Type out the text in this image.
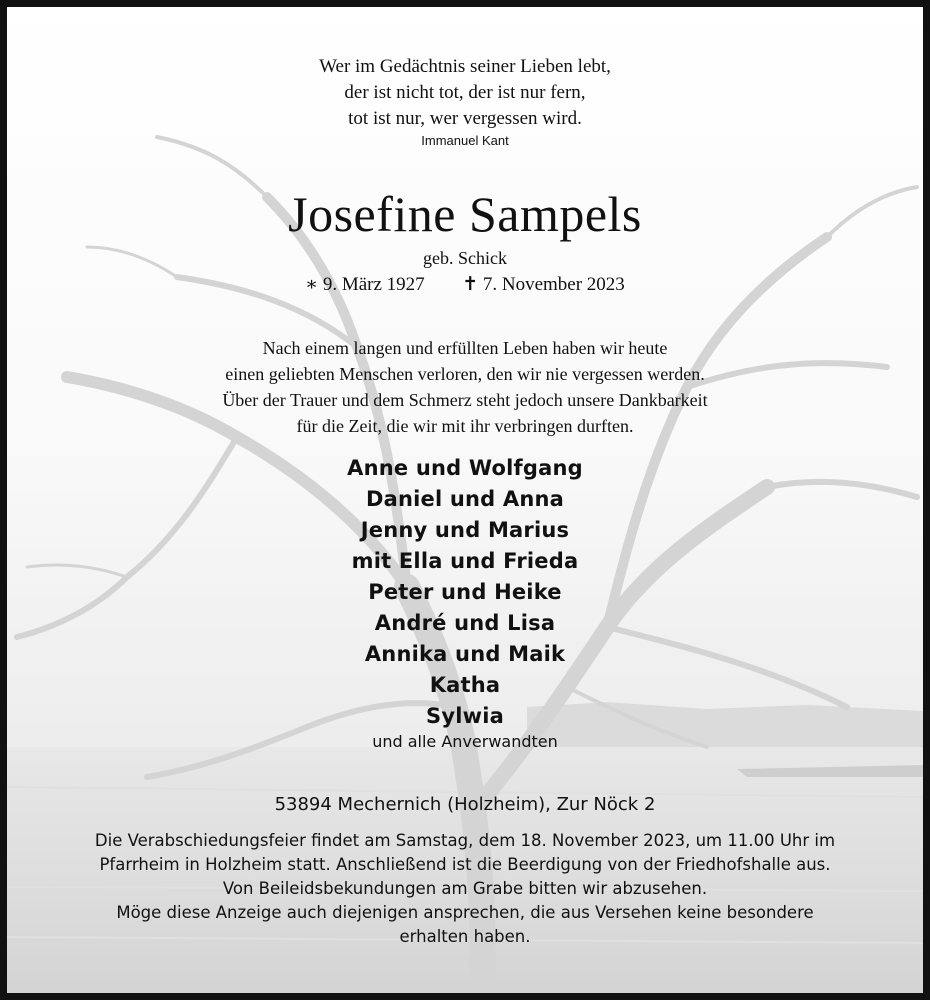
Wer im Gedächtnis seiner Lieben lebt,
der ist nicht tot, der ist nur fern,
tot ist nur, wer vergessen wird.
Immanuel Kant
Josefine Sampels
geb. Schick
∗ 9. März 1927 ✝ 7. November 2023
Nach einem langen und erfüllten Leben haben wir heute
einen geliebten Menschen verloren, den wir nie vergessen werden.
Über der Trauer und dem Schmerz steht jedoch unsere Dankbarkeit
für die Zeit, die wir mit ihr verbringen durften.
Anne und Wolfgang
Daniel und Anna
Jenny und Marius
mit Ella und Frieda
Peter und Heike
André und Lisa
Annika und Maik
Katha
Sylwia
und alle Anverwandten
53894 Mechernich (Holzheim), Zur Nöck 2
Die Verabschiedungsfeier findet am Samstag, dem 18. November 2023, um 11.00 Uhr im
Pfarrheim in Holzheim statt. Anschließend ist die Beerdigung von der Friedhofshalle aus.
Von Beileidsbekundungen am Grabe bitten wir abzusehen.
Möge diese Anzeige auch diejenigen ansprechen, die aus Versehen keine besondere
erhalten haben.
